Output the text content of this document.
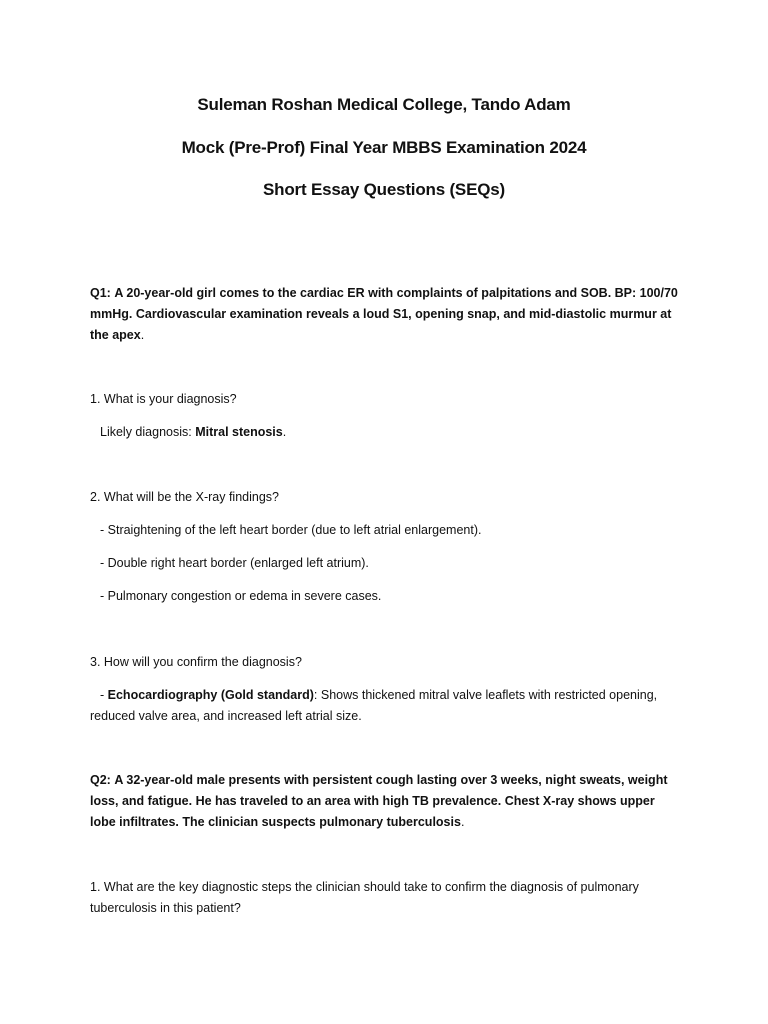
Suleman Roshan Medical College, Tando Adam
Mock (Pre-Prof) Final Year MBBS Examination 2024
Short Essay Questions (SEQs)
Q1: A 20-year-old girl comes to the cardiac ER with complaints of palpitations and SOB. BP: 100/70 mmHg. Cardiovascular examination reveals a loud S1, opening snap, and mid-diastolic murmur at the apex.
1. What is your diagnosis?
Likely diagnosis: Mitral stenosis.
2. What will be the X-ray findings?
- Straightening of the left heart border (due to left atrial enlargement).
- Double right heart border (enlarged left atrium).
- Pulmonary congestion or edema in severe cases.
3. How will you confirm the diagnosis?
- Echocardiography (Gold standard): Shows thickened mitral valve leaflets with restricted opening, reduced valve area, and increased left atrial size.
Q2: A 32-year-old male presents with persistent cough lasting over 3 weeks, night sweats, weight loss, and fatigue. He has traveled to an area with high TB prevalence. Chest X-ray shows upper lobe infiltrates. The clinician suspects pulmonary tuberculosis.
1. What are the key diagnostic steps the clinician should take to confirm the diagnosis of pulmonary tuberculosis in this patient?
